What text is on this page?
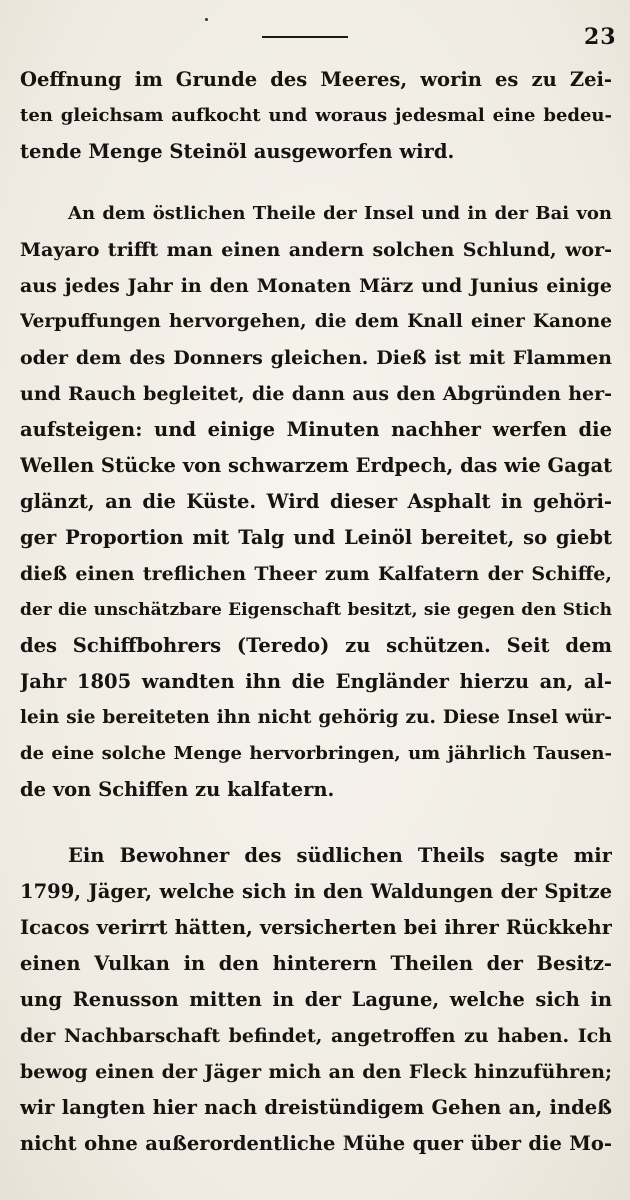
23
Oeffnung im Grunde des Meeres, worin es zu Zei-
ten gleichsam aufkocht und woraus jedesmal eine bedeu-
tende Menge Steinöl ausgeworfen wird.
An dem östlichen Theile der Insel und in der Bai von
Mayaro trifft man einen andern solchen Schlund, wor-
aus jedes Jahr in den Monaten März und Junius einige
Verpuffungen hervorgehen, die dem Knall einer Kanone
oder dem des Donners gleichen. Dieß ist mit Flammen
und Rauch begleitet, die dann aus den Abgründen her-
aufsteigen: und einige Minuten nachher werfen die
Wellen Stücke von schwarzem Erdpech, das wie Gagat
glänzt, an die Küste. Wird dieser Asphalt in gehöri-
ger Proportion mit Talg und Leinöl bereitet, so giebt
dieß einen treflichen Theer zum Kalfatern der Schiffe,
der die unschätzbare Eigenschaft besitzt, sie gegen den Stich
des Schiffbohrers (Teredo) zu schützen. Seit dem
Jahr 1805 wandten ihn die Engländer hierzu an, al-
lein sie bereiteten ihn nicht gehörig zu. Diese Insel wür-
de eine solche Menge hervorbringen, um jährlich Tausen-
de von Schiffen zu kalfatern.
Ein Bewohner des südlichen Theils sagte mir
1799, Jäger, welche sich in den Waldungen der Spitze
Icacos verirrt hätten, versicherten bei ihrer Rückkehr
einen Vulkan in den hinterern Theilen der Besitz-
ung Renusson mitten in der Lagune, welche sich in
der Nachbarschaft befindet, angetroffen zu haben. Ich
bewog einen der Jäger mich an den Fleck hinzuführen;
wir langten hier nach dreistündigem Gehen an, indeß
nicht ohne außerordentliche Mühe quer über die Mo-
